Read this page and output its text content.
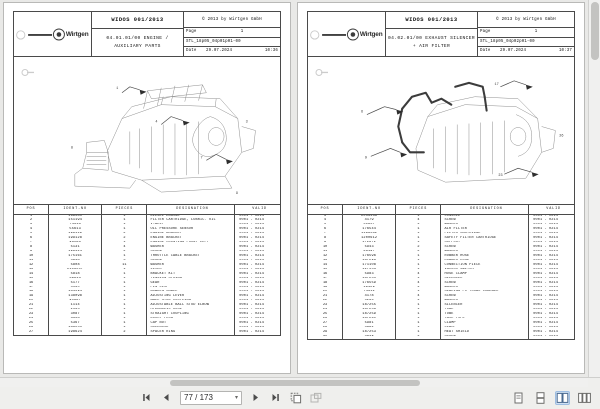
Wirtgen
WIDOS 001/2013
04.01.01/00 ENGINE /
AUXILIARY PARTS
© 2013 by Wirtgen GmbH
Page	1
STL_18p05_04p01p01-00
Date	29.07.2024	10:36
1
4
7
3
8
9
POS	IDENT-NO	PIECES	DESIGNATION	VALID
1	169585	1	DIESEL ENGINE	0001 - 0214
2	151194	1	FILTER CARTRIDGE, LUBRIC. OIL	0001 - 0214
3	74318	1	V-BELT	0001 - 0214
4	55613	1	OIL PRESSURE SENSOR	0001 - 0214
5	199119	2	ENGINE BRACKET	0001 - 0214
6	199128	2	ENGINE BRACKET	0001 - 0214
7	96088	1	ENGINE MOUNTING FRONT LEFT	0001 - 0214
8	5131	4	WASHER	0001 - 0214
9	199424	2	SCREW	0001 - 0214
10	175161	1	THROTTLE CABLE BRACKET	0001 - 0214
11	5948	5	SCREW	0001 - 0214
12	5808	11	WASHER	0001 - 0214
13	2116007	1	LEVER	0001 - 0214
14	5818	1	BRACKET KIT	0001 - 0214
15	39813	1	TENSION SPRING	0001 - 0214
16	5177	1	GEAR	0001 - 0214
17	5130	1	PIN CLIP	0001 - 0214
18	184594	1	BOWDEN CABLE	0001 - 0214
19	138098	1	ADJUSTING LEVER	0001 - 0214
20	90887	1	BALL STUD COUPLING	0001 - 0214
21	1114	1	ADJUSTABLE BALL STUD ELBOW	0001 - 0214
22	2135	1	HYDRAULIC HOSE	0001 - 0214
23	3087	1	STRAIGHT COUPLING	0001 - 0214
24	3358	1	DUMMY PLUG	0001 - 0214
25	5367	1	CAP NUT	0001 - 0214
26	186055	1	SOLENOID	0001 - 0214
27	198624	2	SPACER RING	0001 - 0214
Wirtgen
WIDOS 001/2013
04.02.01/00 EXHAUST SILENCER
+ AIR FILTER
© 2013 by Wirtgen GmbH
Page	1
STL_18p05_04p02p01-00
Date	29.07.2024	10:37
6
9
17
23
26
POS	IDENT-NO	PIECES	DESIGNATION	VALID
3	2053438	1	CONSOLE	0001 - 0214
4	4179	4	SCREW	0001 - 0214
5	51857	4	WASHER	0001 - 0214
6	176544	1	AIR FILTER	0001 - 0214
7	1199582	1	FILTER CARTRIDGE	0001 - 0214
8	1200612	1	SAFETY FILTER CARTRIDGE	0001 - 0214
9	172872	1	SUPPORT	0001 - 0214
10	5943	2	SCREW	0001 - 0214
11	68197	2	WASHER	0001 - 0214
12	176596	1	RUBBER HOSE	0001 - 0214
13	187298	1	RUBBER HOSE	0001 - 0214
14	171108	1	CONNECTION PIECE	0001 - 0214
15	127553	1	VACUUM SWITCH	0001 - 0214
16	5983	4	HOSE CLAMP	0001 - 0214
17	187255	1	SILENCER	0001 - 0214
18	176559	4	SCREW	0001 - 0214
19	19429	4	WASHER	0001 - 0214
20	74312	1	SEALING FO TURBO CHARGER	0001 - 0214
21	4178	4	SCREW	0001 - 0214
22	5264	4	WASHER	0001 - 0214
23	187255	1	SILENCER	0001 - 0214
24	187258	1	TUBE	0001 - 0214
25	187259	1	TUBE	0001 - 0214
26	187260	1	TAIL PIPE	0001 - 0214
27	5981	1	CLAMP	0001 - 0214
28	5982	1	CLAMP	0001 - 0214
29	187253	1	HEAT SHIELD	0001 - 0214
30	5949	4	SCREW	0001 - 0214
77 / 173	▾
